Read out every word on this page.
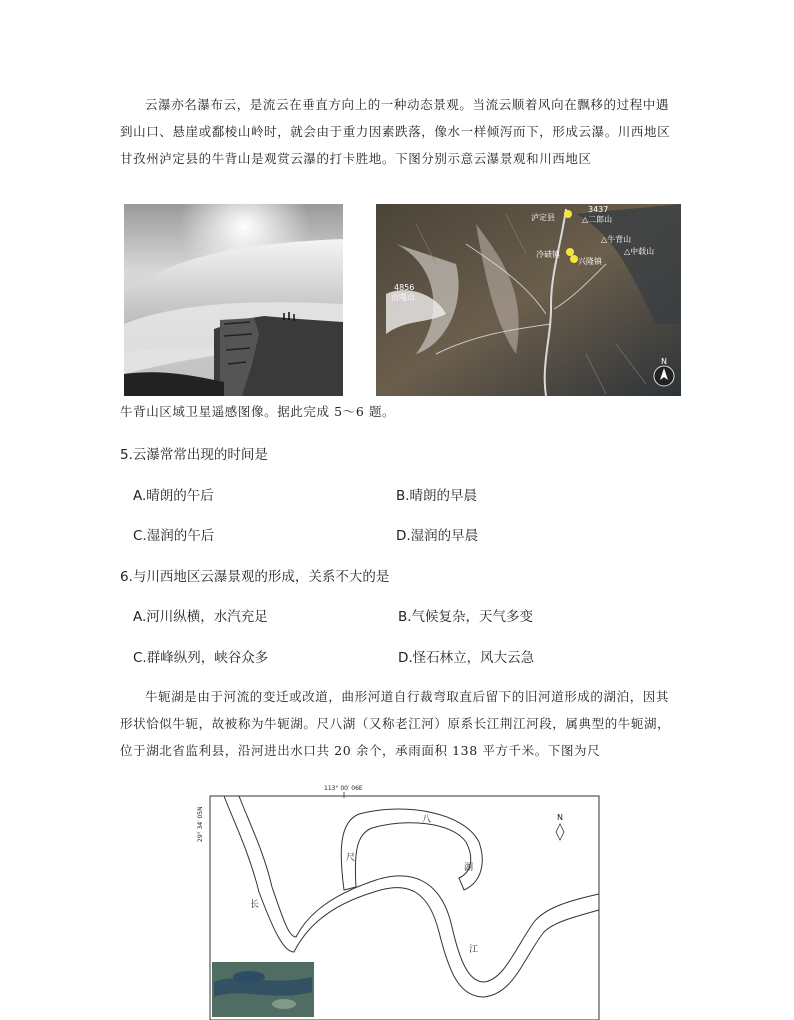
云瀑亦名瀑布云，是流云在垂直方向上的一种动态景观。当流云顺着风向在飘移的过程中遇到山口、悬崖或鄱棱山岭时，就会由于重力因素跌落，像水一样倾泻而下，形成云瀑。川西地区甘孜州泸定县的牛背山是观赏云瀑的打卡胜地。下图分别示意云瀑景观和川西地区

泸定县
3437
△二郎山
△牛背山
冷碛镇
兴隆镇
△中载山
4856
贡嘎山
N

牛背山区域卫星遥感图像。据此完成 5～6 题。

5.云瀑常常出现的时间是
A.晴朗的午后	B.晴朗的早晨
C.湿润的午后	D.湿润的早晨
6.与川西地区云瀑景观的形成，关系不大的是
A.河川纵横，水汽充足	B.气候复杂，天气多变
C.群峰纵列，峡谷众多	D.怪石林立，风大云急

牛轭湖是由于河流的变迁或改道，曲形河道自行裁弯取直后留下的旧河道形成的湖泊，因其形状恰似牛轭，故被称为牛轭湖。尺八湖（又称老江河）原系长江荆江河段，属典型的牛轭湖，位于湖北省监利县，沿河进出水口共 20 余个，承雨面积 138 平方千米。下图为尺

113° 00′ 06E
29° 34′ 05N
尺
八
湖
长
江
N
